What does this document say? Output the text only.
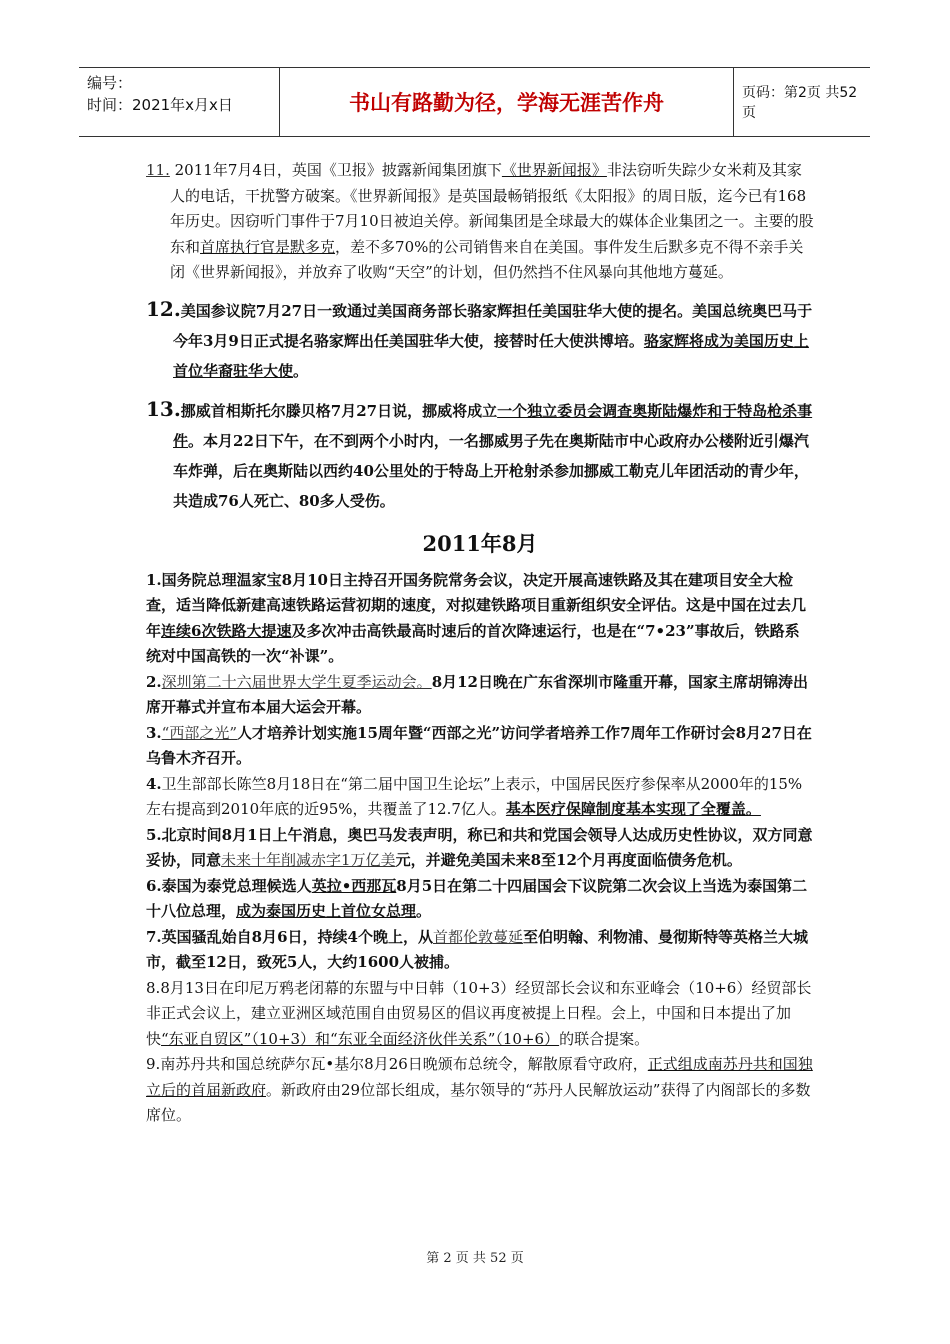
编号：
时间：2021年x月x日	书山有路勤为径，学海无涯苦作舟	页码：第2页 共52页

11. 2011年7月4日，英国《卫报》披露新闻集团旗下《世界新闻报》非法窃听失踪少女米莉及其家人的电话，干扰警方破案。《世界新闻报》是英国最畅销报纸《太阳报》的周日版，迄今已有168年历史。因窃听门事件于7月10日被迫关停。新闻集团是全球最大的媒体企业集团之一。主要的股东和首席执行官是默多克，差不多70%的公司销售来自在美国。事件发生后默多克不得不亲手关闭《世界新闻报》，并放弃了收购“天空”的计划，但仍然挡不住风暴向其他地方蔓延。

12.美国参议院7月27日一致通过美国商务部长骆家辉担任美国驻华大使的提名。美国总统奥巴马于今年3月9日正式提名骆家辉出任美国驻华大使，接替时任大使洪博培。骆家辉将成为美国历史上首位华裔驻华大使。

13.挪威首相斯托尔滕贝格7月27日说，挪威将成立一个独立委员会调查奥斯陆爆炸和于特岛枪杀事件。本月22日下午，在不到两个小时内，一名挪威男子先在奥斯陆市中心政府办公楼附近引爆汽车炸弹，后在奥斯陆以西约40公里处的于特岛上开枪射杀参加挪威工勒克儿年团活动的青少年，共造成76人死亡、80多人受伤。

2011年8月

1.国务院总理温家宝8月10日主持召开国务院常务会议，决定开展高速铁路及其在建项目安全大检查，适当降低新建高速铁路运营初期的速度，对拟建铁路项目重新组织安全评估。这是中国在过去几年连续6次铁路大提速及多次冲击高铁最高时速后的首次降速运行，也是在“7•23”事故后，铁路系统对中国高铁的一次“补课”。

2.深圳第二十六届世界大学生夏季运动会。8月12日晚在广东省深圳市隆重开幕，国家主席胡锦涛出席开幕式并宣布本届大运会开幕。

3.“西部之光”人才培养计划实施15周年暨“西部之光”访问学者培养工作7周年工作研讨会8月27日在乌鲁木齐召开。

4.卫生部部长陈竺8月18日在“第二届中国卫生论坛”上表示，中国居民医疗参保率从2000年的15%左右提高到2010年底的近95%，共覆盖了12.7亿人。基本医疗保障制度基本实现了全覆盖。

5.北京时间8月1日上午消息，奥巴马发表声明，称已和共和党国会领导人达成历史性协议，双方同意妥协，同意未来十年削减赤字1万亿美元，并避免美国未来8至12个月再度面临债务危机。

6.泰国为泰党总理候选人英拉•西那瓦8月5日在第二十四届国会下议院第二次会议上当选为泰国第二十八位总理，成为泰国历史上首位女总理。

7.英国骚乱始自8月6日，持续4个晚上，从首都伦敦蔓延至伯明翰、利物浦、曼彻斯特等英格兰大城市，截至12日，致死5人，大约1600人被捕。

8.8月13日在印尼万鸦老闭幕的东盟与中日韩（10+3）经贸部长会议和东亚峰会（10+6）经贸部长非正式会议上，建立亚洲区域范围自由贸易区的倡议再度被提上日程。会上，中国和日本提出了加快“东亚自贸区”（10+3）和“东亚全面经济伙伴关系”（10+6）的联合提案。

9.南苏丹共和国总统萨尔瓦•基尔8月26日晚颁布总统令，解散原看守政府，正式组成南苏丹共和国独立后的首届新政府。新政府由29位部长组成，基尔领导的“苏丹人民解放运动”获得了内阁部长的多数席位。

第 2 页 共 52 页
